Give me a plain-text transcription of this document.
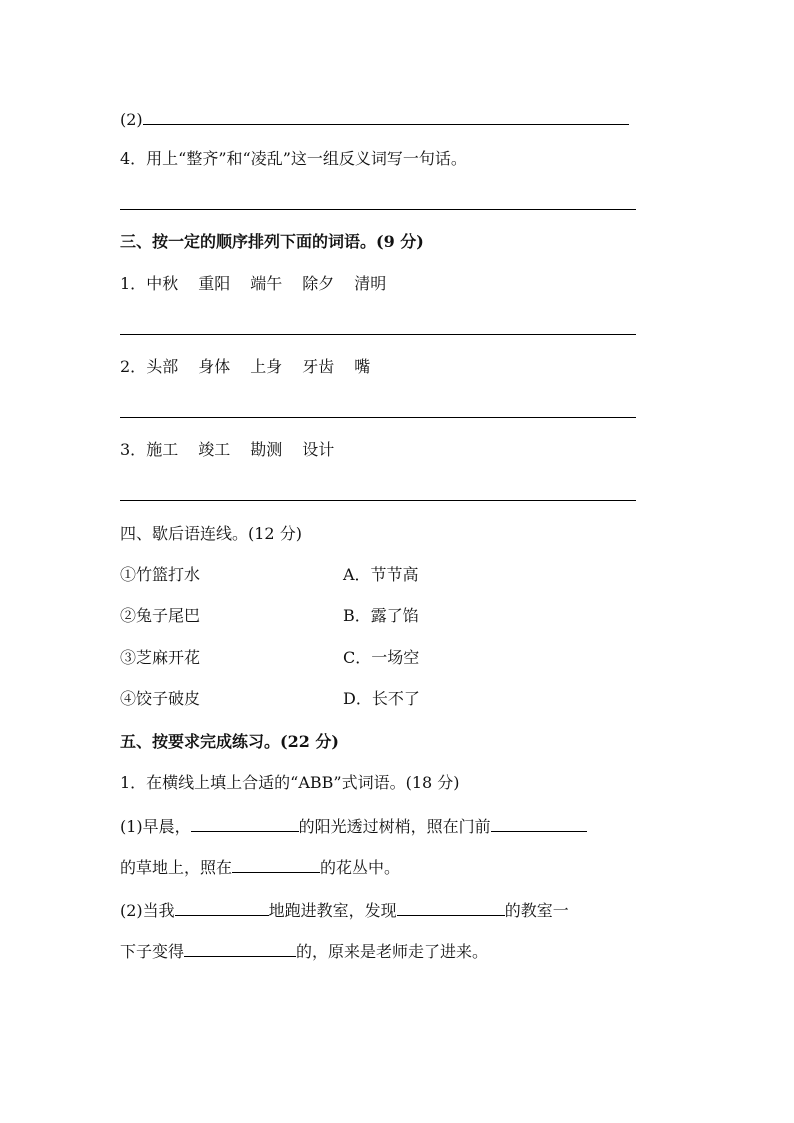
(2)
4．用上“整齐”和“凌乱”这一组反义词写一句话。
三、按一定的顺序排列下面的词语。(9 分)
1．中秋 重阳 端午 除夕 清明
2．头部 身体 上身 牙齿 嘴
3．施工 竣工 勘测 设计
四、歇后语连线。(12 分)
①竹篮打水	A．节节高
②兔子尾巴	B．露了馅
③芝麻开花	C．一场空
④饺子破皮	D．长不了
五、按要求完成练习。(22 分)
1．在横线上填上合适的“ABB”式词语。(18 分)
(1)早晨，	的阳光透过树梢，照在门前
的草地上，照在	的花丛中。
(2)当我	地跑进教室，发现	的教室一
下子变得	的，原来是老师走了进来。
